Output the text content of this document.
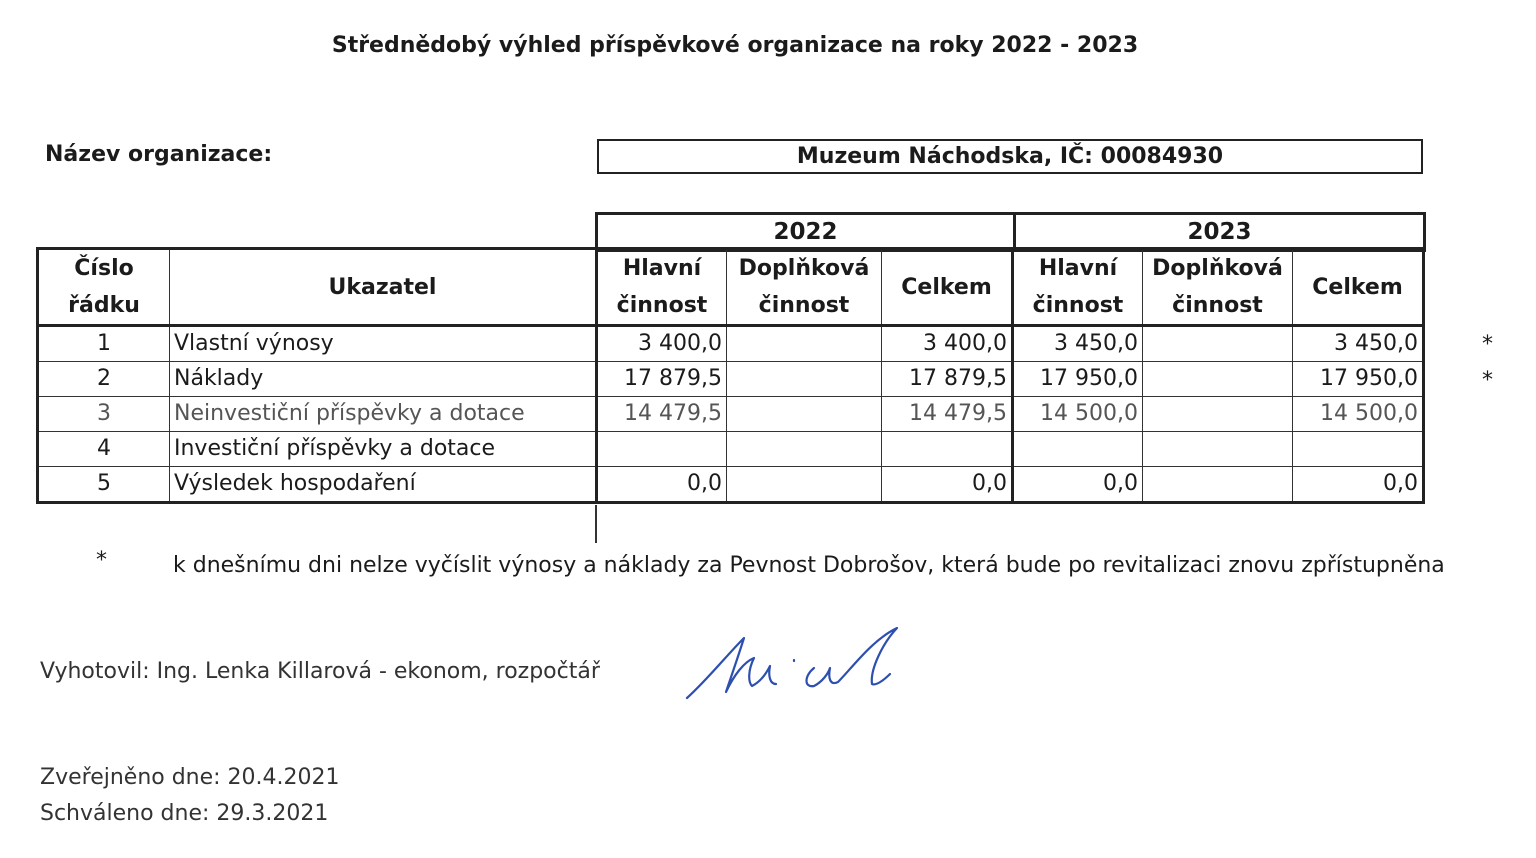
Střednědobý výhled příspěvkové organizace na roky 2022 - 2023
Název organizace:	Muzeum Náchodska, IČ: 00084930
2022	2023
Číslo řádku	Ukazatel	Hlavní činnost	Doplňková činnost	Celkem	Hlavní činnost	Doplňková činnost	Celkem
1	Vlastní výnosy	3 400,0		3 400,0	3 450,0		3 450,0
2	Náklady	17 879,5		17 879,5	17 950,0		17 950,0
3	Neinvestiční příspěvky a dotace	14 479,5		14 479,5	14 500,0		14 500,0
4	Investiční příspěvky a dotace						
5	Výsledek hospodaření	0,0		0,0	0,0		0,0
*
*
*	k dnešnímu dni nelze vyčíslit výnosy a náklady za Pevnost Dobrošov, která bude po revitalizaci znovu zpřístupněna
Vyhotovil: Ing. Lenka Killarová - ekonom, rozpočtář
Zveřejněno dne: 20.4.2021
Schváleno dne: 29.3.2021
